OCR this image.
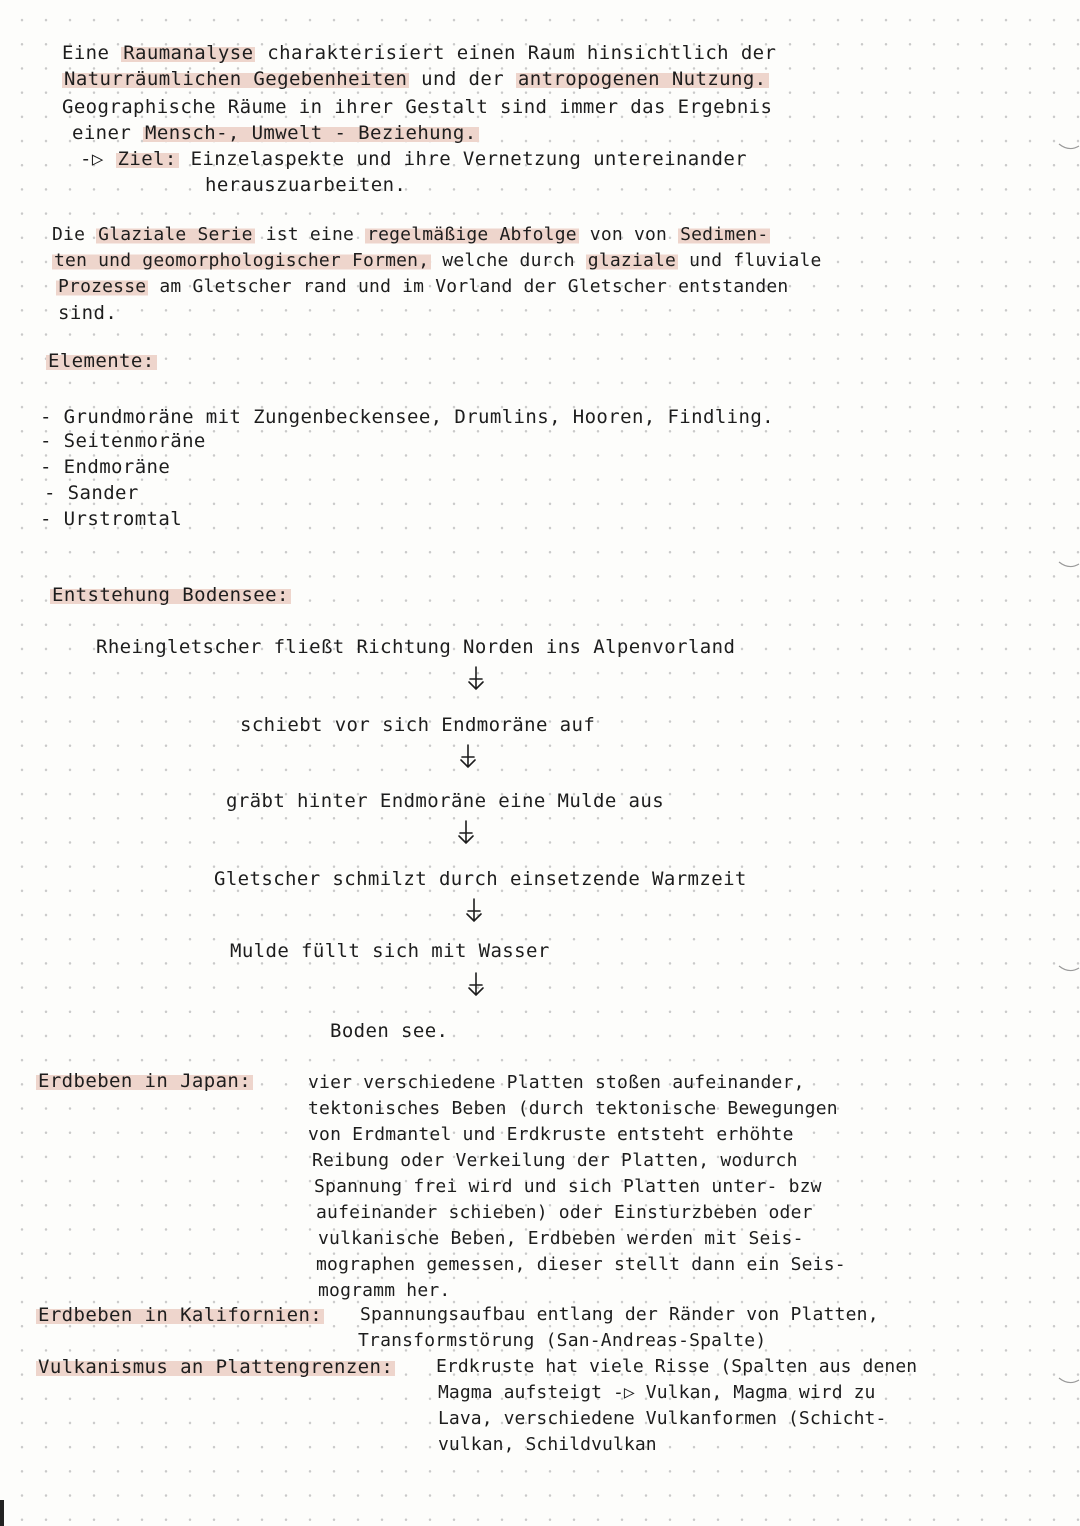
Eine Raumanalyse charakterisiert einen Raum hinsichtlich der
Naturräumlichen Gegebenheiten und der antropogenen Nutzung.
Geographische Räume in ihrer Gestalt sind immer das Ergebnis
einer Mensch-, Umwelt - Beziehung.
-▷ Ziel: Einzelaspekte und ihre Vernetzung untereinander
herauszuarbeiten.
Die Glaziale Serie ist eine regelmäßige Abfolge von von Sedimen-
ten und geomorphologischer Formen, welche durch glaziale und fluviale
Prozesse am Gletscher rand und im Vorland der Gletscher entstanden
sind.
Elemente:
- Grundmoräne mit Zungenbeckensee, Drumlins, Hooren, Findling.
- Seitenmoräne
- Endmoräne
- Sander
- Urstromtal
Entstehung Bodensee:
Rheingletscher fließt Richtung Norden ins Alpenvorland
schiebt vor sich Endmoräne auf
gräbt hinter Endmoräne eine Mulde aus
Gletscher schmilzt durch einsetzende Warmzeit
Mulde füllt sich mit Wasser
Boden see.
Erdbeben in Japan:	vier verschiedene Platten stoßen aufeinander,
tektonisches Beben (durch tektonische Bewegungen
von Erdmantel und Erdkruste entsteht erhöhte
Reibung oder Verkeilung der Platten, wodurch
Spannung frei wird und sich Platten unter- bzw
aufeinander schieben) oder Einsturzbeben oder
vulkanische Beben, Erdbeben werden mit Seis-
mographen gemessen, dieser stellt dann ein Seis-
mogramm her.
Erdbeben in Kalifornien: Spannungsaufbau entlang der Ränder von Platten,
Transformstörung (San-Andreas-Spalte)
Vulkanismus an Plattengrenzen: Erdkruste hat viele Risse (Spalten aus denen
Magma aufsteigt -▷ Vulkan, Magma wird zu
Lava, verschiedene Vulkanformen (Schicht-
vulkan, Schildvulkan
